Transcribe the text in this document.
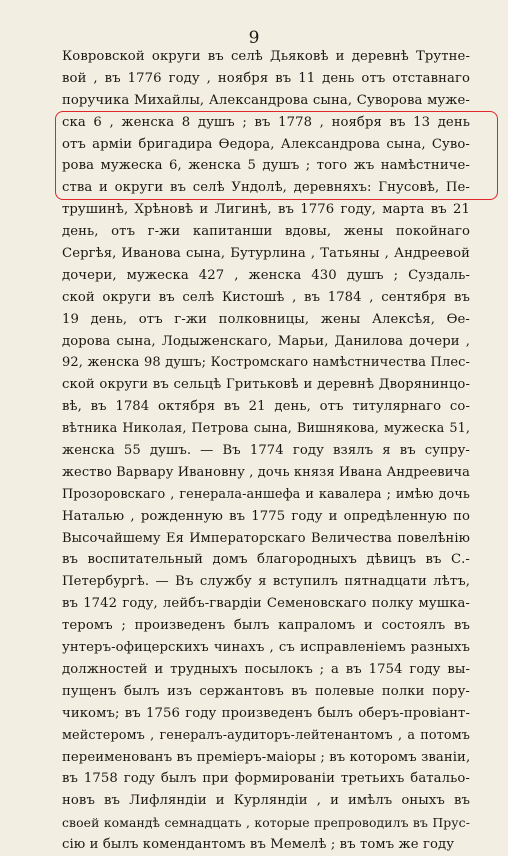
9
Ковровской округи въ селѣ Дьяковѣ и деревнѣ Трутне-
вой , въ 1776 году , ноября въ 11 день отъ отставнаго
поручика Михайлы, Александрова сына, Суворова муже-
ска 6 , женска 8 душъ ; въ 1778 , ноября въ 13 день
отъ арміи бригадира Ѳедора, Александрова сына, Суво-
рова мужеска 6, женска 5 душъ ; того жъ намѣстниче-
ства и округи въ селѣ Ундолѣ, деревняхъ: Гнусовѣ, Пе-
трушинѣ, Хрѣновѣ и Лигинѣ, въ 1776 году, марта въ 21
день, отъ г-жи капитанши вдовы, жены покойнаго
Сергѣя, Иванова сына, Бутурлина , Татьяны , Андреевой
дочери, мужеска 427 , женска 430 душъ ; Суздаль-
ской округи въ селѣ Кистошѣ , въ 1784 , сентября въ
19 день, отъ г-жи полковницы, жены Алексѣя, Ѳе-
дорова сына, Лодыженскаго, Марьи, Данилова дочери ,
92, женска 98 душъ; Костромскаго намѣстничества Плес-
ской округи въ сельцѣ Гритьковѣ и деревнѣ Дворянинцо-
вѣ, въ 1784 октября въ 21 день, отъ титулярнаго со-
вѣтника Николая, Петрова сына, Вишнякова, мужеска 51,
женска 55 душъ. — Въ 1774 году взялъ я въ супру-
жество Варвару Ивановну , дочь князя Ивана Андреевича
Прозоровскаго , генерала-аншефа и кавалера ; имѣю дочь
Наталью , рожденную въ 1775 году и опредѣленную по
Высочайшему Ея Императорскаго Величества повелѣнію
въ воспитательный домъ благородныхъ дѣвицъ въ С.-
Петербургѣ. — Въ службу я вступилъ пятнадцати лѣтъ,
въ 1742 году, лейбъ-гвардіи Семеновскаго полку мушка-
теромъ ; произведенъ былъ капраломъ и состоялъ въ
унтеръ-офицерскихъ чинахъ , съ исправленіемъ разныхъ
должностей и трудныхъ посылокъ ; а въ 1754 году вы-
пущенъ былъ изъ сержантовъ въ полевые полки пору-
чикомъ; въ 1756 году произведенъ былъ оберъ-провіант-
мейстеромъ , генералъ-аудиторъ-лейтенантомъ , а потомъ
переименованъ въ преміеръ-маіоры ; въ которомъ званіи,
въ 1758 году былъ при формированіи третьихъ батальо-
новъ въ Лифляндіи и Курляндіи , и имѣлъ оныхъ въ
своей командѣ семнадцать , которые препроводилъ въ Прус-
сію и былъ комендантомъ въ Мемелѣ ; въ томъ же году
